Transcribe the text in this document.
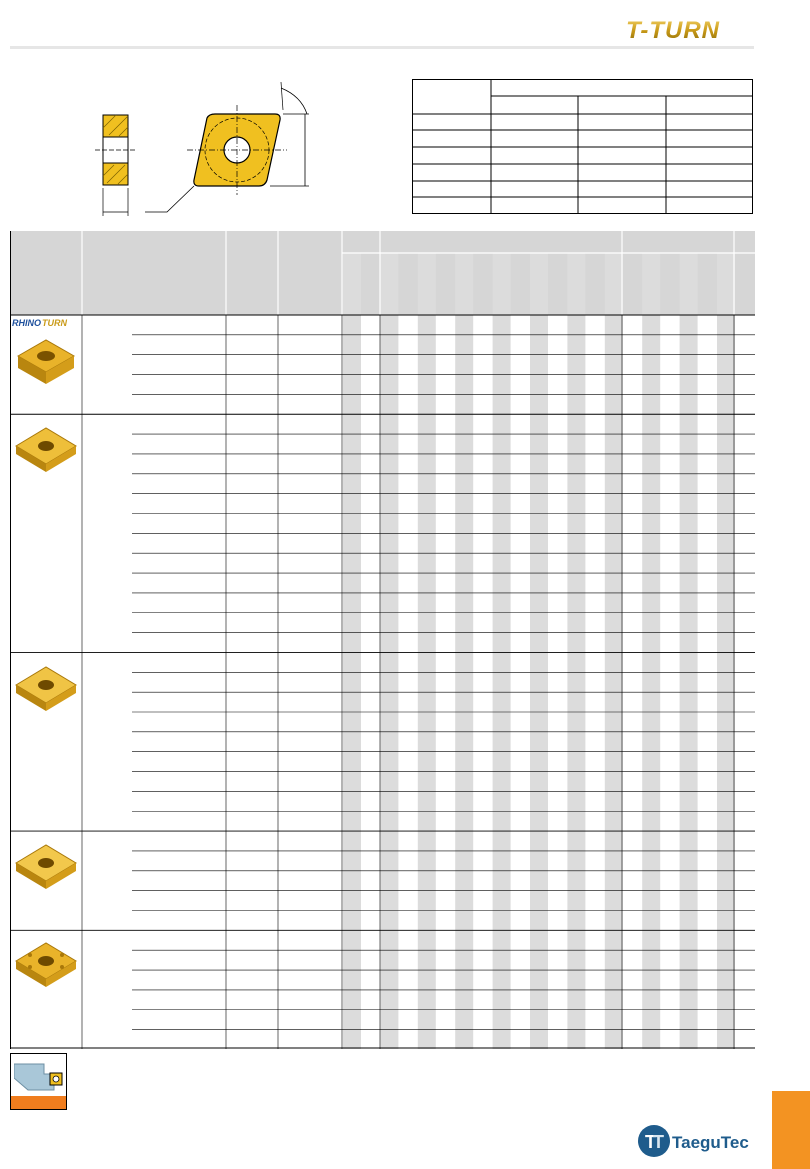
T-TURN
RHINO TURN
T
T TaeguTec
